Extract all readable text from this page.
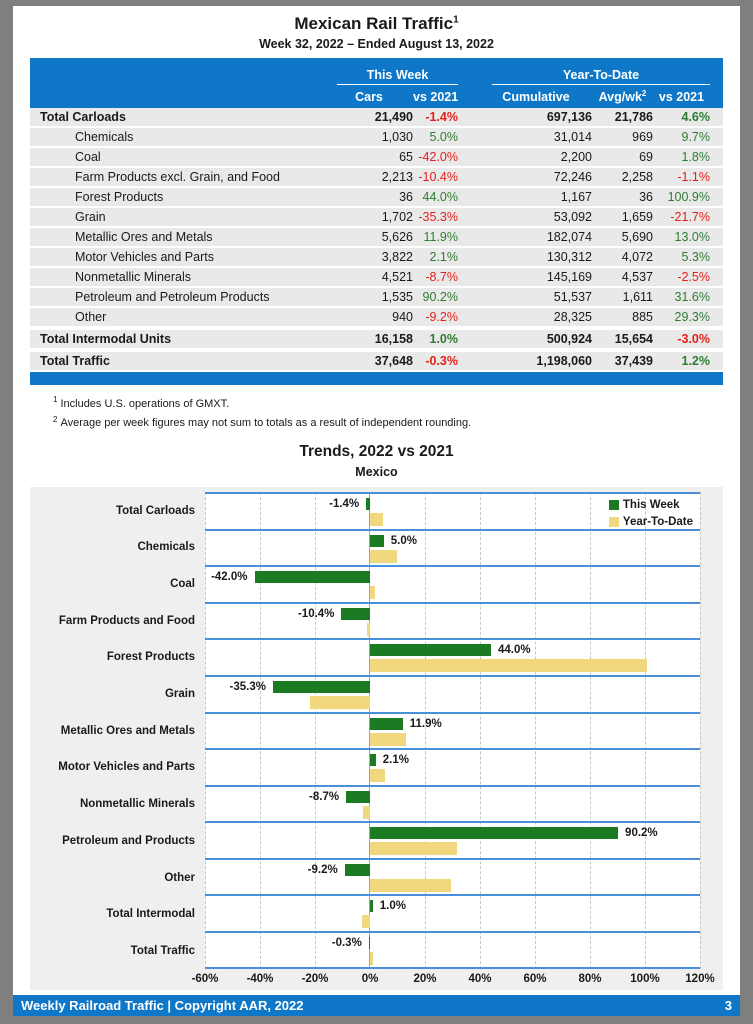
Mexican Rail Traffic$^1$
Week 32, 2022 – Ended August 13, 2022
This Week	Year-To-Date
Cars	vs 2021	Cumulative	Avg/$wk^2$	vs 2021
Total Carloads	21,490 -1.4%	697,136	21,786	4.6%
Chemicals	1,030	5.0%	31,014	969	9.7%
Coal	65 -42.0%	2,200	69	1.8%
Farm Products excl. Grain, and Food	2,213 -10.4%	72,246	2,258	-1.1%
Forest Products	36 44.0%	1,167	36	100.9%
Grain	1,702 -35.3%	53,092	1,659	-21.7%
Metallic Ores and Metals	5,626 11.9%	182,074	5,690	13.0%
Motor Vehicles and Parts	3,822	2.1%	130,312	4,072	5.3%
Nonmetallic Minerals	4,521 -8.7%	145,169	4,537	-2.5%
Petroleum and Petroleum Products	1,535 90.2%	51,537	1,611	31.6%
Other	940 -9.2%	28,325	885	29.3%
Total Intermodal Units	16,158	1.0%	500,924	15,654	-3.0%
Total Traffic	37,648 -0.3%	1,198,060	37,439	1.2%
$^1$ Includes U.S. operations of GMXT.
$^2$ Average per week figures may not sum to totals as a result of independent rounding.
Trends, 2022 vs 2021
Mexico
Total Carloads
Chemicals
Coal
Farm Products and Food
Forest Products
Grain
Metallic Ores and Metals
Motor Vehicles and Parts
Nonmetallic Minerals
Petroleum and Products
Other
Total Intermodal
Total Traffic
-1.4%
5.0%
-42.0%
-10.4%
44.0%
-35.3%
11.9%
2.1%
-8.7%
90.2%
-9.2%
1.0%
-0.3%
This Week
Year-To-Date
-60%	-40%	-20%	0%	20%	40%	60%	80%	100%	120%
Weekly Railroad Traffic | Copyright AAR, 2022	3
